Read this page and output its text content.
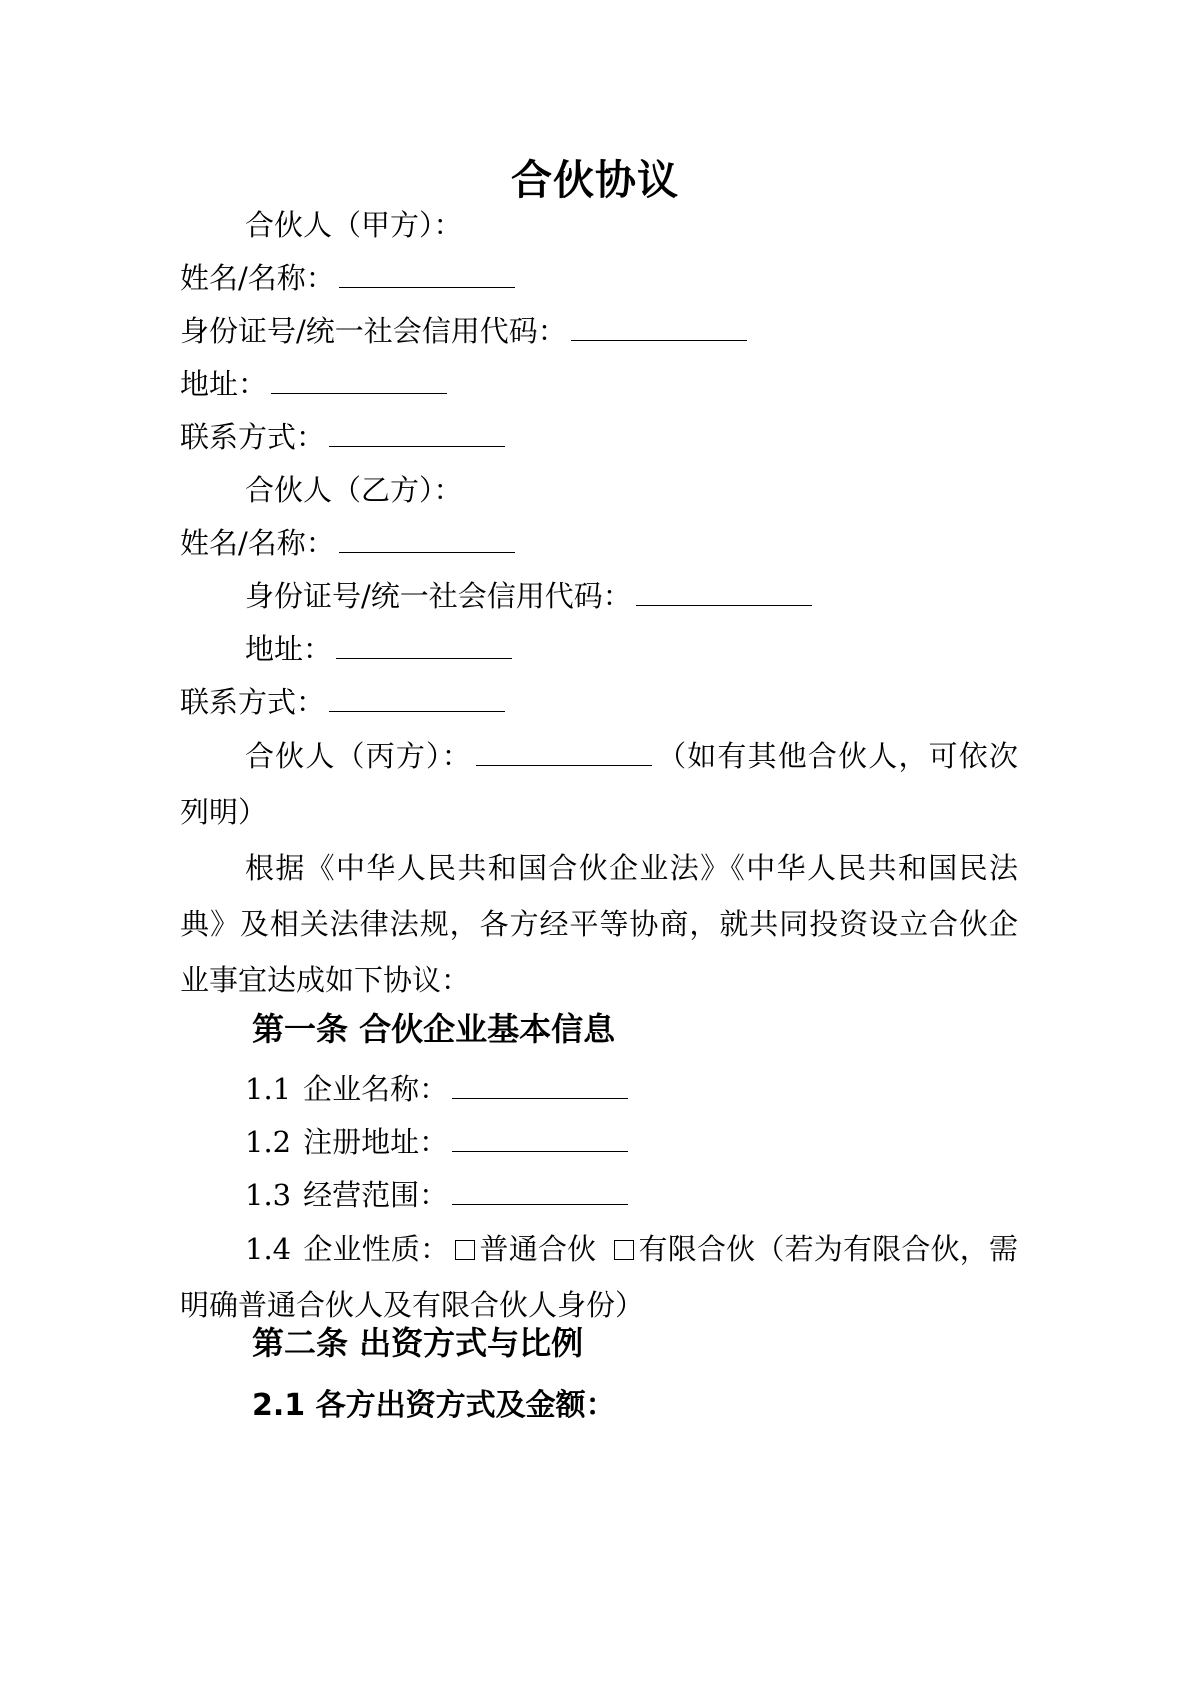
合伙协议
合伙人（甲方）：
姓名/名称：
身份证号/统一社会信用代码：
地址：
联系方式：
合伙人（乙方）：
姓名/名称：
身份证号/统一社会信用代码：
地址：
联系方式：
合伙人（丙方）：	（如有其他合伙人，可依次列明）
根据《中华人民共和国合伙企业法》《中华人民共和国民法典》及相关法律法规，各方经平等协商，就共同投资设立合伙企业事宜达成如下协议：
第一条 合伙企业基本信息
1.1 企业名称：
1.2 注册地址：
1.3 经营范围：
1.4 企业性质： 普通合伙 有限合伙（若为有限合伙，需明确普通合伙人及有限合伙人身份）
第二条 出资方式与比例
2.1 各方出资方式及金额：
